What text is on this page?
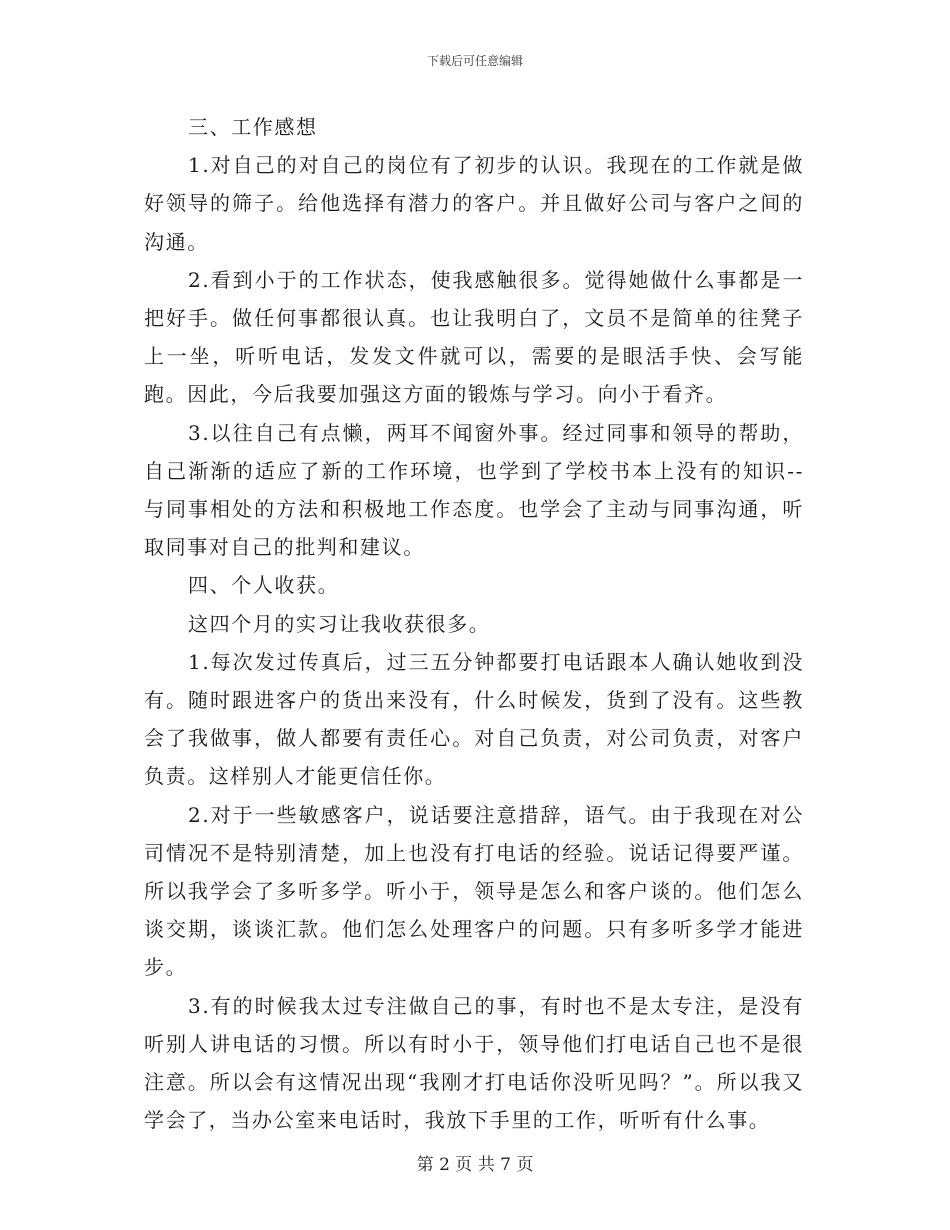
下载后可任意编辑

三、工作感想

1.对自己的对自己的岗位有了初步的认识。我现在的工作就是做好领导的筛子。给他选择有潜力的客户。并且做好公司与客户之间的沟通。

2.看到小于的工作状态，使我感触很多。觉得她做什么事都是一把好手。做任何事都很认真。也让我明白了，文员不是简单的往凳子上一坐，听听电话，发发文件就可以，需要的是眼活手快、会写能跑。因此，今后我要加强这方面的锻炼与学习。向小于看齐。

3.以往自己有点懒，两耳不闻窗外事。经过同事和领导的帮助，自己渐渐的适应了新的工作环境，也学到了学校书本上没有的知识--与同事相处的方法和积极地工作态度。也学会了主动与同事沟通，听取同事对自己的批判和建议。

四、个人收获。

这四个月的实习让我收获很多。

1.每次发过传真后，过三五分钟都要打电话跟本人确认她收到没有。随时跟进客户的货出来没有，什么时候发，货到了没有。这些教会了我做事，做人都要有责任心。对自己负责，对公司负责，对客户负责。这样别人才能更信任你。

2.对于一些敏感客户，说话要注意措辞，语气。由于我现在对公司情况不是特别清楚，加上也没有打电话的经验。说话记得要严谨。所以我学会了多听多学。听小于，领导是怎么和客户谈的。他们怎么谈交期，谈谈汇款。他们怎么处理客户的问题。只有多听多学才能进步。

3.有的时候我太过专注做自己的事，有时也不是太专注，是没有听别人讲电话的习惯。所以有时小于，领导他们打电话自己也不是很注意。所以会有这情况出现“我刚才打电话你没听见吗？”。所以我又学会了，当办公室来电话时，我放下手里的工作，听听有什么事。

第 2 页 共 7 页
